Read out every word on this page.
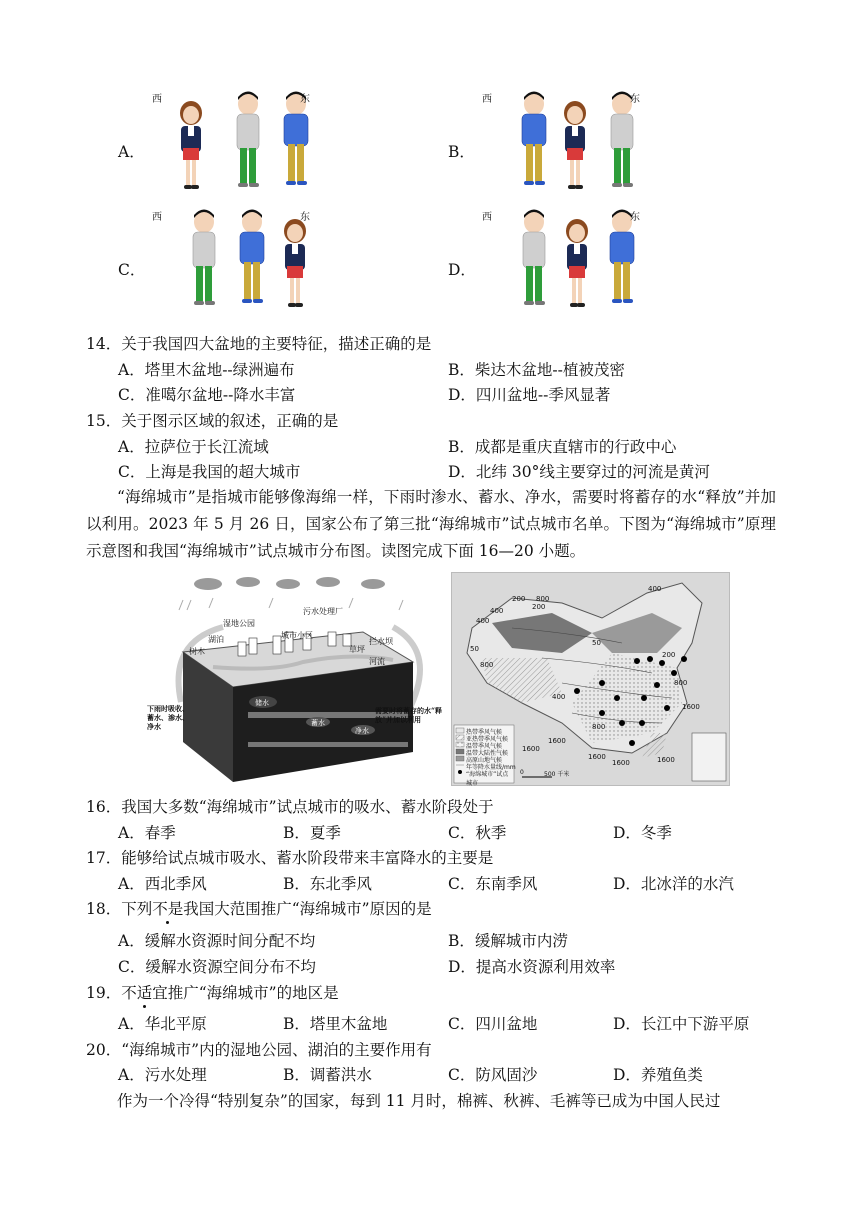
A．
西	东
B．
西	东
C．
西	东
D．
西	东
14．关于我国四大盆地的主要特征，描述正确的是
A．塔里木盆地--绿洲遍布	B．柴达木盆地--植被茂密
C．准噶尔盆地--降水丰富	D．四川盆地--季风显著
15．关于图示区域的叙述，正确的是
A．拉萨位于长江流域	B．成都是重庆直辖市的行政中心
C．上海是我国的超大城市	D．北纬 30°线主要穿过的河流是黄河
“海绵城市”是指城市能够像海绵一样，下雨时渗水、蓄水、净水，需要时将蓄存的水“释放”并加以利用。2023 年 5 月 26 日，国家公布了第三批“海绵城市”试点城市名单。下图为“海绵城市”原理示意图和我国“海绵城市”试点城市分布图。读图完成下面 16—20 小题。
污水处理厂
湿地公园
城市小区
湖泊
树木
拦水坝
草坪
河流
下雨时吸收、蓄水、渗水、净水
需要时将蓄存的水“释放”并加以利用
储水
蓄水
净水
400
200 800
200
400
50
400
200
800
50
800
1600
1600
1600
1600	1600
1600
400
800
热带季风气候
亚热带季风气候
温带季风气候
温带大陆性气候
高原山地气候
年等降水量线/mm
“海绵城市”试点城市
0	500 千米
16．我国大多数“海绵城市”试点城市的吸水、蓄水阶段处于
A．春季	B．夏季	C．秋季	D．冬季
17．能够给试点城市吸水、蓄水阶段带来丰富降水的主要是
A．西北季风	B．东北季风	C．东南季风	D．北冰洋的水汽
18．下列不是我国大范围推广“海绵城市”原因的是
A．缓解水资源时间分配不均	B．缓解城市内涝
C．缓解水资源空间分布不均	D．提高水资源利用效率
19．不适宜推广“海绵城市”的地区是
A．华北平原	B．塔里木盆地	C．四川盆地	D．长江中下游平原
20．“海绵城市”内的湿地公园、湖泊的主要作用有
A．污水处理	B．调蓄洪水	C．防风固沙	D．养殖鱼类
作为一个冷得“特别复杂”的国家，每到 11 月时，棉裤、秋裤、毛裤等已成为中国人民过
